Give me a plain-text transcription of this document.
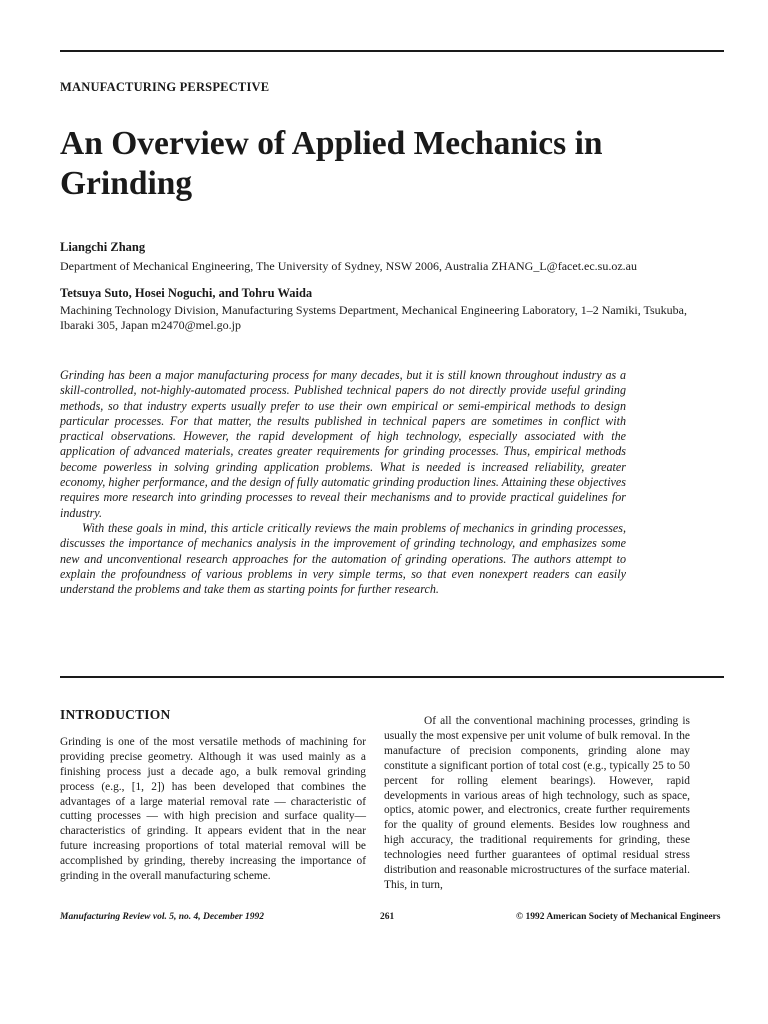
MANUFACTURING PERSPECTIVE
An Overview of Applied Mechanics in Grinding
Liangchi Zhang
Department of Mechanical Engineering, The University of Sydney, NSW 2006, Australia ZHANG_L@facet.ec.su.oz.au
Tetsuya Suto, Hosei Noguchi, and Tohru Waida
Machining Technology Division, Manufacturing Systems Department, Mechanical Engineering Laboratory, 1–2 Namiki, Tsukuba, Ibaraki 305, Japan m2470@mel.go.jp

Grinding has been a major manufacturing process for many decades, but it is still known throughout industry as a skill-controlled, not-highly-automated process. Published technical papers do not directly provide useful grinding methods, so that industry experts usually prefer to use their own empirical or semi-empirical methods to design particular processes. For that matter, the results published in technical papers are sometimes in conflict with practical observations. However, the rapid development of high technology, especially associated with the application of advanced materials, creates greater requirements for grinding processes. Thus, empirical methods become powerless in solving grinding application problems. What is needed is increased reliability, greater economy, higher performance, and the design of fully automatic grinding production lines. Attaining these objectives requires more research into grinding processes to reveal their mechanisms and to provide practical guidelines for industry.

With these goals in mind, this article critically reviews the main problems of mechanics in grinding processes, discusses the importance of mechanics analysis in the improvement of grinding technology, and emphasizes some new and unconventional research approaches for the automation of grinding operations. The authors attempt to explain the profoundness of various problems in very simple terms, so that even nonexpert readers can easily understand the problems and take them as starting points for further research.

INTRODUCTION

Grinding is one of the most versatile methods of machining for providing precise geometry. Although it was used mainly as a finishing process just a decade ago, a bulk removal grinding process (e.g., [1, 2]) has been developed that combines the advantages of a large material removal rate — characteristic of cutting processes — with high precision and surface quality—characteristics of grinding. It appears evident that in the near future increasing proportions of total material removal will be accomplished by grinding, thereby increasing the importance of grinding in the overall manufacturing scheme.

Of all the conventional machining processes, grinding is usually the most expensive per unit volume of bulk removal. In the manufacture of precision components, grinding alone may constitute a significant portion of total cost (e.g., typically 25 to 50 percent for rolling element bearings). However, rapid developments in various areas of high technology, such as space, optics, atomic power, and electronics, create further requirements for the quality of ground elements. Besides low roughness and high accuracy, the traditional requirements for grinding, these technologies need further guarantees of optimal residual stress distribution and reasonable microstructures of the surface material. This, in turn,

Manufacturing Review vol. 5, no. 4, December 1992	261	© 1992 American Society of Mechanical Engineers
